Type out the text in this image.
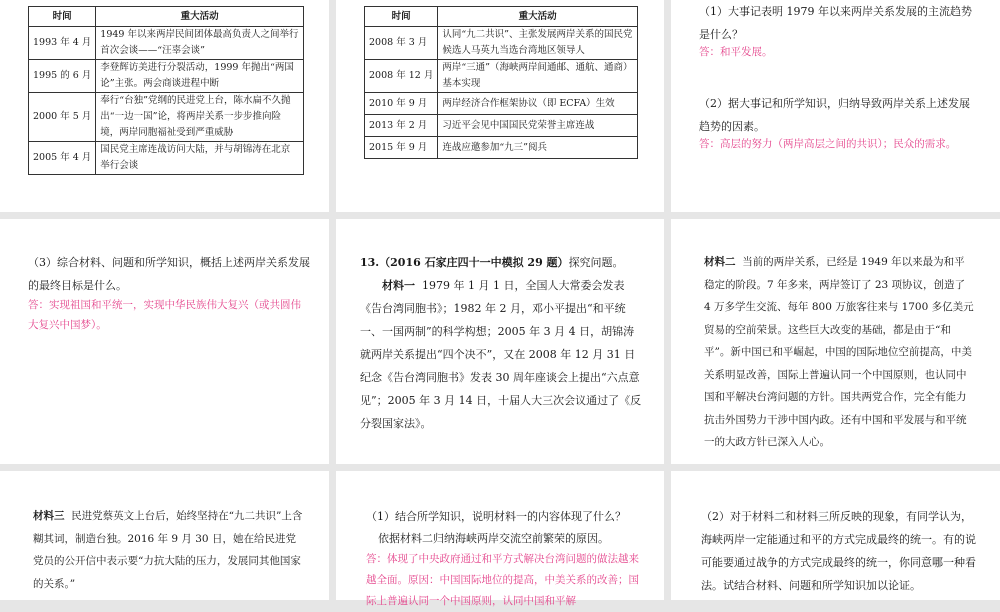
时间	重大活动
1993 年 4 月	1949 年以来两岸民间团体最高负责人之间举行首次会谈——“汪辜会谈”
1995 的 6 月	李登辉访美进行分裂活动，1999 年抛出“两国论”主张。两会商谈进程中断
2000 年 5 月	奉行“台独”党纲的民进党上台，陈水扁不久抛出“一边一国”论，将两岸关系一步步推向险境，两岸同胞福祉受到严重威胁
2005 年 4 月	国民党主席连战访问大陆，并与胡锦涛在北京举行会谈
时间	重大活动
2008 年 3 月	认同“九二共识”、主张发展两岸关系的国民党候选人马英九当选台湾地区领导人
2008 年 12 月	两岸“三通”（海峡两岸间通邮、通航、通商）基本实现
2010 年 9 月	两岸经济合作框架协议（即 ECFA）生效
2013 年 2 月	习近平会见中国国民党荣誉主席连战
2015 年 9 月	连战应邀参加“九三”阅兵
（1）大事记表明 1979 年以来两岸关系发展的主流趋势是什么？
答：和平发展。
（2）据大事记和所学知识，归纳导致两岸关系上述发展趋势的因素。
答：高层的努力（两岸高层之间的共识）；民众的需求。
（3）综合材料、问题和所学知识，概括上述两岸关系发展的最终目标是什么。
答：实现祖国和平统一，实现中华民族伟大复兴（或共圆伟大复兴中国梦）。
13.（2016 石家庄四十一中模拟 29 题）探究问题。
材料一 1979 年 1 月 1 日，全国人大常委会发表《告台湾同胞书》；1982 年 2 月，邓小平提出“和平统一、一国两制”的科学构想；2005 年 3 月 4 日，胡锦涛就两岸关系提出“四个决不”，又在 2008 年 12 月 31 日纪念《告台湾同胞书》发表 30 周年座谈会上提出“六点意见”；2005 年 3 月 14 日，十届人大三次会议通过了《反分裂国家法》。
材料二 当前的两岸关系，已经是 1949 年以来最为和平稳定的阶段。7 年多来，两岸签订了 23 项协议，创造了 4 万多学生交流、每年 800 万旅客往来与 1700 多亿美元贸易的空前荣景。这些巨大改变的基础，都是由于“和平”。新中国已和平崛起，中国的国际地位空前提高，中美关系明显改善，国际上普遍认同一个中国原则，也认同中国和平解决台湾问题的方针。国共两党合作，完全有能力抗击外国势力干涉中国内政。还有中国和平发展与和平统一的大政方针已深入人心。
材料三 民进党蔡英文上台后，始终坚持在“九二共识”上含糊其词，制造台独。2016 年 9 月 30 日，她在给民进党党员的公开信中表示要“力抗大陆的压力，发展同其他国家的关系。”
（1）结合所学知识，说明材料一的内容体现了什么？
依据材料二归纳海峡两岸交流空前繁荣的原因。
答：体现了中央政府通过和平方式解决台湾问题的做法越来越全面。原因：中国国际地位的提高，中美关系的改善；国际上普遍认同一个中国原则，认同中国和平解
（2）对于材料二和材料三所反映的现象，有同学认为，海峡两岸一定能通过和平的方式完成最终的统一。有的说可能要通过战争的方式完成最终的统一，你同意哪一种看法。试结合材料、问题和所学知识加以论证。
